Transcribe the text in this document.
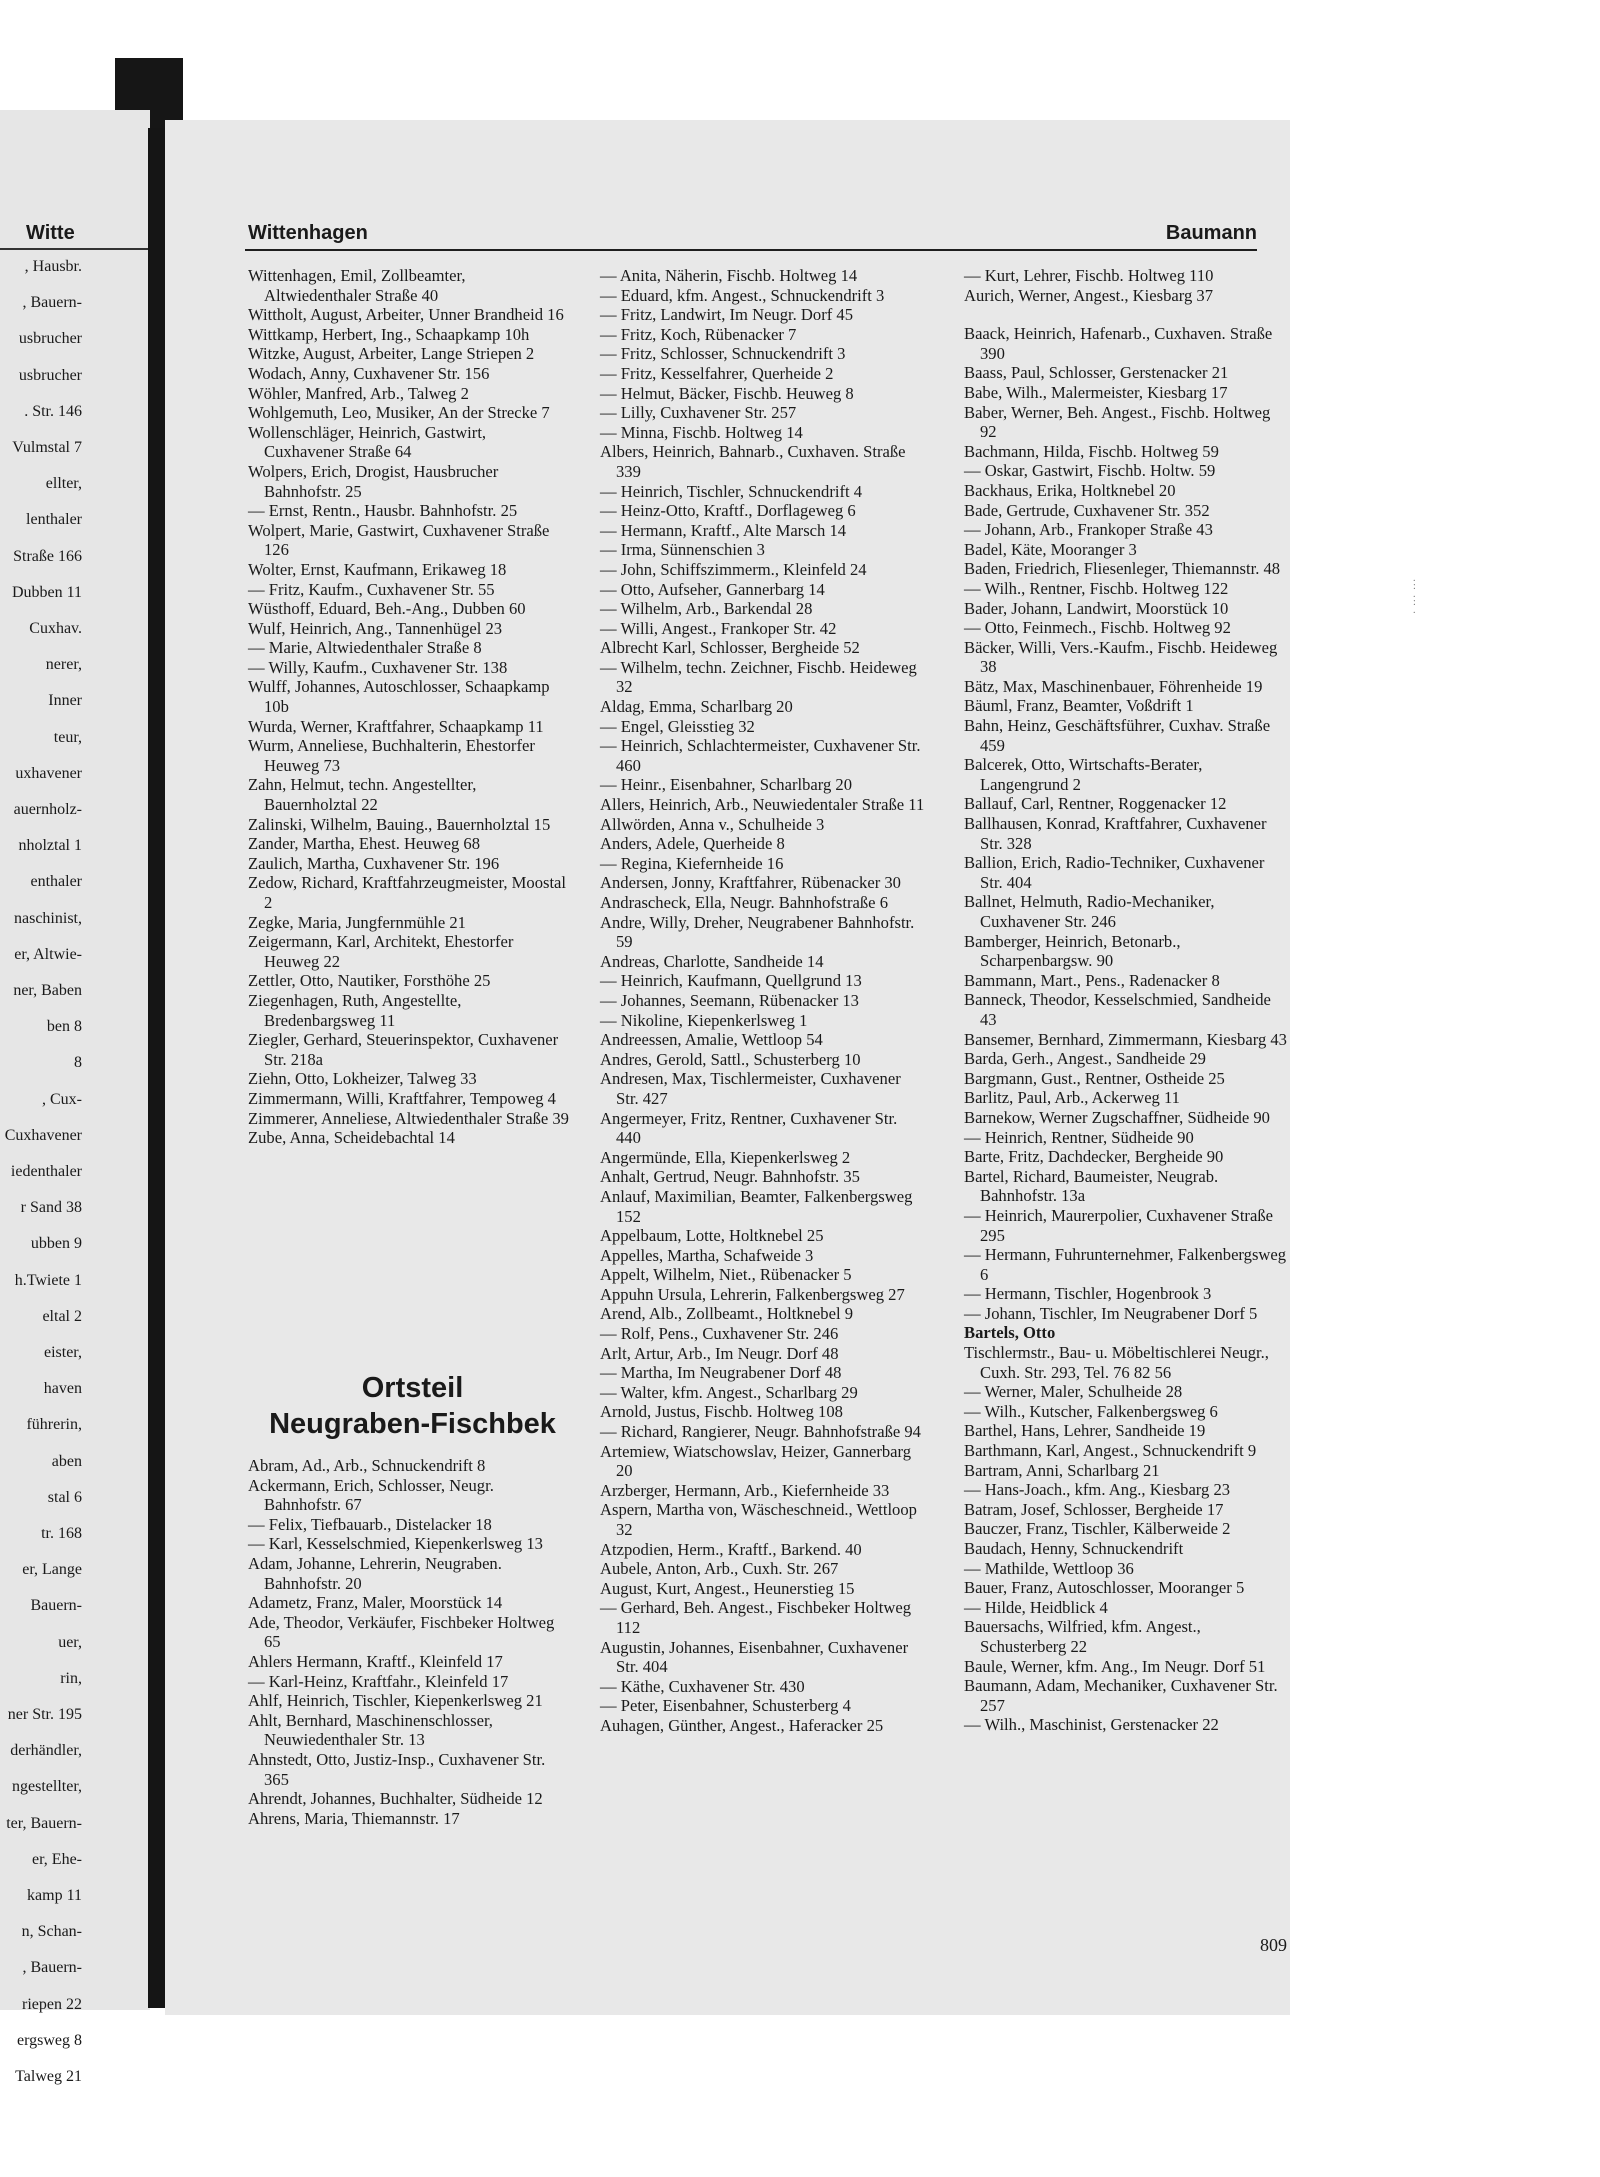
Witte
, Hausbr.
, Bauern-
usbrucher
usbrucher
. Str. 146
Vulmstal 7
ellter,
lenthaler
Straße 166
Dubben 11
Cuxhav.
nerer,
Inner
teur,
uxhavener
auernholz-
nholztal 1
enthaler
naschinist,
er, Altwie-
ner, Baben
ben 8
8
, Cux-
Cuxhavener
iedenthaler
r Sand 38
ubben 9
h.Twiete 1
eltal 2
eister,
haven
führerin,
aben
stal 6
tr. 168
er, Lange
Bauern-
uer,
rin,
ner Str. 195
derhändler,
ngestellter,
ter, Bauern-
er, Ehe-
kamp 11
n, Schan-
, Bauern-
riepen 22
ergsweg 8
Talweg 21
Wittenhagen	Baumann
Wittenhagen, Emil, Zollbeamter, Altwiedenthaler Straße 40
Wittholt, August, Arbeiter, Unner Brandheid 16
Wittkamp, Herbert, Ing., Schaapkamp 10h
Witzke, August, Arbeiter, Lange Striepen 2
Wodach, Anny, Cuxhavener Str. 156
Wöhler, Manfred, Arb., Talweg 2
Wohlgemuth, Leo, Musiker, An der Strecke 7
Wollenschläger, Heinrich, Gastwirt, Cuxhavener Straße 64
Wolpers, Erich, Drogist, Hausbrucher Bahnhofstr. 25
— Ernst, Rentn., Hausbr. Bahnhofstr. 25
Wolpert, Marie, Gastwirt, Cuxhavener Straße 126
Wolter, Ernst, Kaufmann, Erikaweg 18
— Fritz, Kaufm., Cuxhavener Str. 55
Wüsthoff, Eduard, Beh.-Ang., Dubben 60
Wulf, Heinrich, Ang., Tannenhügel 23
— Marie, Altwiedenthaler Straße 8
— Willy, Kaufm., Cuxhavener Str. 138
Wulff, Johannes, Autoschlosser, Schaapkamp 10b
Wurda, Werner, Kraftfahrer, Schaapkamp 11
Wurm, Anneliese, Buchhalterin, Ehestorfer Heuweg 73
Zahn, Helmut, techn. Angestellter, Bauernholztal 22
Zalinski, Wilhelm, Bauing., Bauernholztal 15
Zander, Martha, Ehest. Heuweg 68
Zaulich, Martha, Cuxhavener Str. 196
Zedow, Richard, Kraftfahrzeugmeister, Moostal 2
Zegke, Maria, Jungfernmühle 21
Zeigermann, Karl, Architekt, Ehestorfer Heuweg 22
Zettler, Otto, Nautiker, Forsthöhe 25
Ziegenhagen, Ruth, Angestellte, Bredenbargsweg 11
Ziegler, Gerhard, Steuerinspektor, Cuxhavener Str. 218a
Ziehn, Otto, Lokheizer, Talweg 33
Zimmermann, Willi, Kraftfahrer, Tempoweg 4
Zimmerer, Anneliese, Altwiedenthaler Straße 39
Zube, Anna, Scheidebachtal 14
Ortsteil
Neugraben-Fischbek
Abram, Ad., Arb., Schnuckendrift 8
Ackermann, Erich, Schlosser, Neugr. Bahnhofstr. 67
— Felix, Tiefbauarb., Distelacker 18
— Karl, Kesselschmied, Kiepenkerlsweg 13
Adam, Johanne, Lehrerin, Neugraben. Bahnhofstr. 20
Adametz, Franz, Maler, Moorstück 14
Ade, Theodor, Verkäufer, Fischbeker Holtweg 65
Ahlers Hermann, Kraftf., Kleinfeld 17
— Karl-Heinz, Kraftfahr., Kleinfeld 17
Ahlf, Heinrich, Tischler, Kiepenkerlsweg 21
Ahlt, Bernhard, Maschinenschlosser, Neuwiedenthaler Str. 13
Ahnstedt, Otto, Justiz-Insp., Cuxhavener Str. 365
Ahrendt, Johannes, Buchhalter, Südheide 12
Ahrens, Maria, Thiemannstr. 17
— Anita, Näherin, Fischb. Holtweg 14
— Eduard, kfm. Angest., Schnuckendrift 3
— Fritz, Landwirt, Im Neugr. Dorf 45
— Fritz, Koch, Rübenacker 7
— Fritz, Schlosser, Schnuckendrift 3
— Fritz, Kesselfahrer, Querheide 2
— Helmut, Bäcker, Fischb. Heuweg 8
— Lilly, Cuxhavener Str. 257
— Minna, Fischb. Holtweg 14
Albers, Heinrich, Bahnarb., Cuxhaven. Straße 339
— Heinrich, Tischler, Schnuckendrift 4
— Heinz-Otto, Kraftf., Dorflageweg 6
— Hermann, Kraftf., Alte Marsch 14
— Irma, Sünnenschien 3
— John, Schiffszimmerm., Kleinfeld 24
— Otto, Aufseher, Gannerbarg 14
— Wilhelm, Arb., Barkendal 28
— Willi, Angest., Frankoper Str. 42
Albrecht Karl, Schlosser, Bergheide 52
— Wilhelm, techn. Zeichner, Fischb. Heideweg 32
Aldag, Emma, Scharlbarg 20
— Engel, Gleisstieg 32
— Heinrich, Schlachtermeister, Cuxhavener Str. 460
— Heinr., Eisenbahner, Scharlbarg 20
Allers, Heinrich, Arb., Neuwiedentaler Straße 11
Allwörden, Anna v., Schulheide 3
Anders, Adele, Querheide 8
— Regina, Kiefernheide 16
Andersen, Jonny, Kraftfahrer, Rübenacker 30
Andrascheck, Ella, Neugr. Bahnhofstraße 6
Andre, Willy, Dreher, Neugrabener Bahnhofstr. 59
Andreas, Charlotte, Sandheide 14
— Heinrich, Kaufmann, Quellgrund 13
— Johannes, Seemann, Rübenacker 13
— Nikoline, Kiepenkerlsweg 1
Andreessen, Amalie, Wettloop 54
Andres, Gerold, Sattl., Schusterberg 10
Andresen, Max, Tischlermeister, Cuxhavener Str. 427
Angermeyer, Fritz, Rentner, Cuxhavener Str. 440
Angermünde, Ella, Kiepenkerlsweg 2
Anhalt, Gertrud, Neugr. Bahnhofstr. 35
Anlauf, Maximilian, Beamter, Falkenbergsweg 152
Appelbaum, Lotte, Holtknebel 25
Appelles, Martha, Schafweide 3
Appelt, Wilhelm, Niet., Rübenacker 5
Appuhn Ursula, Lehrerin, Falkenbergsweg 27
Arend, Alb., Zollbeamt., Holtknebel 9
— Rolf, Pens., Cuxhavener Str. 246
Arlt, Artur, Arb., Im Neugr. Dorf 48
— Martha, Im Neugrabener Dorf 48
— Walter, kfm. Angest., Scharlbarg 29
Arnold, Justus, Fischb. Holtweg 108
— Richard, Rangierer, Neugr. Bahnhofstraße 94
Artemiew, Wiatschowslav, Heizer, Gannerbarg 20
Arzberger, Hermann, Arb., Kiefernheide 33
Aspern, Martha von, Wäscheschneid., Wettloop 32
Atzpodien, Herm., Kraftf., Barkend. 40
Aubele, Anton, Arb., Cuxh. Str. 267
August, Kurt, Angest., Heunerstieg 15
— Gerhard, Beh. Angest., Fischbeker Holtweg 112
Augustin, Johannes, Eisenbahner, Cuxhavener Str. 404
— Käthe, Cuxhavener Str. 430
— Peter, Eisenbahner, Schusterberg 4
Auhagen, Günther, Angest., Haferacker 25
— Kurt, Lehrer, Fischb. Holtweg 110
Aurich, Werner, Angest., Kiesbarg 37
Baack, Heinrich, Hafenarb., Cuxhaven. Straße 390
Baass, Paul, Schlosser, Gerstenacker 21
Babe, Wilh., Malermeister, Kiesbarg 17
Baber, Werner, Beh. Angest., Fischb. Holtweg 92
Bachmann, Hilda, Fischb. Holtweg 59
— Oskar, Gastwirt, Fischb. Holtw. 59
Backhaus, Erika, Holtknebel 20
Bade, Gertrude, Cuxhavener Str. 352
— Johann, Arb., Frankoper Straße 43
Badel, Käte, Mooranger 3
Baden, Friedrich, Fliesenleger, Thiemannstr. 48
— Wilh., Rentner, Fischb. Holtweg 122
Bader, Johann, Landwirt, Moorstück 10
— Otto, Feinmech., Fischb. Holtweg 92
Bäcker, Willi, Vers.-Kaufm., Fischb. Heideweg 38
Bätz, Max, Maschinenbauer, Föhrenheide 19
Bäuml, Franz, Beamter, Voßdrift 1
Bahn, Heinz, Geschäftsführer, Cuxhav. Straße 459
Balcerek, Otto, Wirtschafts-Berater, Langengrund 2
Ballauf, Carl, Rentner, Roggenacker 12
Ballhausen, Konrad, Kraftfahrer, Cuxhavener Str. 328
Ballion, Erich, Radio-Techniker, Cuxhavener Str. 404
Ballnet, Helmuth, Radio-Mechaniker, Cuxhavener Str. 246
Bamberger, Heinrich, Betonarb., Scharpenbargsw. 90
Bammann, Mart., Pens., Radenacker 8
Banneck, Theodor, Kesselschmied, Sandheide 43
Bansemer, Bernhard, Zimmermann, Kiesbarg 43
Barda, Gerh., Angest., Sandheide 29
Bargmann, Gust., Rentner, Ostheide 25
Barlitz, Paul, Arb., Ackerweg 11
Barnekow, Werner Zugschaffner, Südheide 90
— Heinrich, Rentner, Südheide 90
Barte, Fritz, Dachdecker, Bergheide 90
Bartel, Richard, Baumeister, Neugrab. Bahnhofstr. 13a
— Heinrich, Maurerpolier, Cuxhavener Straße 295
— Hermann, Fuhrunternehmer, Falkenbergsweg 6
— Hermann, Tischler, Hogenbrook 3
— Johann, Tischler, Im Neugrabener Dorf 5
Bartels, Otto
Tischlermstr., Bau- u. Möbeltischlerei Neugr., Cuxh. Str. 293, Tel. 76 82 56
— Werner, Maler, Schulheide 28
— Wilh., Kutscher, Falkenbergsweg 6
Barthel, Hans, Lehrer, Sandheide 19
Barthmann, Karl, Angest., Schnuckendrift 9
Bartram, Anni, Scharlbarg 21
— Hans-Joach., kfm. Ang., Kiesbarg 23
Batram, Josef, Schlosser, Bergheide 17
Bauczer, Franz, Tischler, Kälberweide 2
Baudach, Henny, Schnuckendrift
— Mathilde, Wettloop 36
Bauer, Franz, Autoschlosser, Mooranger 5
— Hilde, Heidblick 4
Bauersachs, Wilfried, kfm. Angest., Schusterberg 22
Baule, Werner, kfm. Ang., Im Neugr. Dorf 51
Baumann, Adam, Mechaniker, Cuxhavener Str. 257
— Wilh., Maschinist, Gerstenacker 22
809
.
:
.
:
.
